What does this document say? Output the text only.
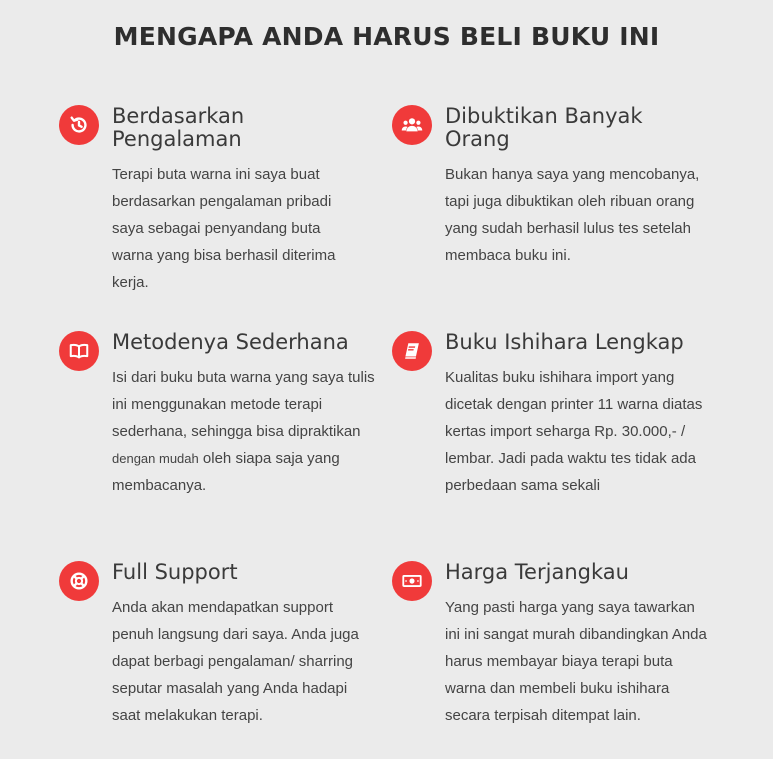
MENGAPA ANDA HARUS BELI BUKU INI
Berdasarkan
Pengalaman

Terapi buta warna ini saya buat berdasarkan pengalaman pribadi saya sebagai penyandang buta warna yang bisa berhasil diterima kerja.

Dibuktikan Banyak
Orang

Bukan hanya saya yang mencobanya, tapi juga dibuktikan oleh ribuan orang yang sudah berhasil lulus tes setelah membaca buku ini.

Metodenya Sederhana

Isi dari buku buta warna yang saya tulis ini menggunakan metode terapi sederhana, sehingga bisa dipraktikan dengan mudah oleh siapa saja yang membacanya.

Buku Ishihara Lengkap

Kualitas buku ishihara import yang dicetak dengan printer 11 warna diatas kertas import seharga Rp. 30.000,- / lembar. Jadi pada waktu tes tidak ada perbedaan sama sekali

Full Support

Anda akan mendapatkan support penuh langsung dari saya. Anda juga dapat berbagi pengalaman/ sharring seputar masalah yang Anda hadapi saat melakukan terapi.

Harga Terjangkau

Yang pasti harga yang saya tawarkan ini ini sangat murah dibandingkan Anda harus membayar biaya terapi buta warna dan membeli buku ishihara secara terpisah ditempat lain.
